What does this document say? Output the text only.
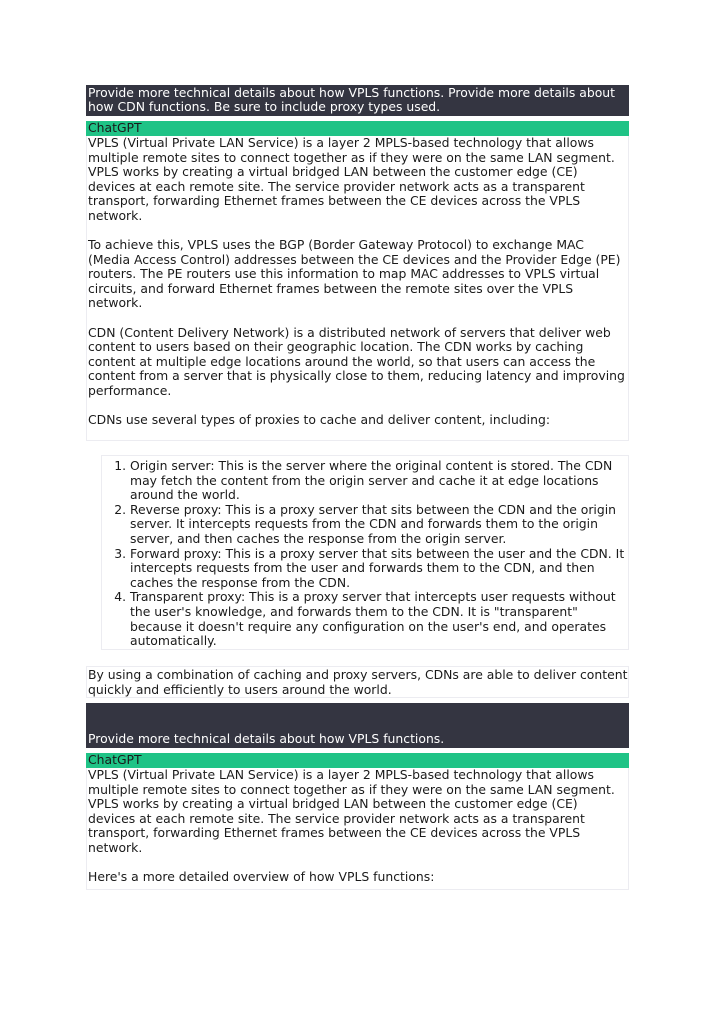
Provide more technical details about how VPLS functions. Provide more details about how CDN functions. Be sure to include proxy types used.
ChatGPT

VPLS (Virtual Private LAN Service) is a layer 2 MPLS-based technology that allows multiple remote sites to connect together as if they were on the same LAN segment. VPLS works by creating a virtual bridged LAN between the customer edge (CE) devices at each remote site. The service provider network acts as a transparent transport, forwarding Ethernet frames between the CE devices across the VPLS network.

To achieve this, VPLS uses the BGP (Border Gateway Protocol) to exchange MAC (Media Access Control) addresses between the CE devices and the Provider Edge (PE) routers. The PE routers use this information to map MAC addresses to VPLS virtual circuits, and forward Ethernet frames between the remote sites over the VPLS network.

CDN (Content Delivery Network) is a distributed network of servers that deliver web content to users based on their geographic location. The CDN works by caching content at multiple edge locations around the world, so that users can access the content from a server that is physically close to them, reducing latency and improving performance.

CDNs use several types of proxies to cache and deliver content, including:

1. Origin server: This is the server where the original content is stored. The CDN may fetch the content from the origin server and cache it at edge locations around the world.
2. Reverse proxy: This is a proxy server that sits between the CDN and the origin server. It intercepts requests from the CDN and forwards them to the origin server, and then caches the response from the origin server.
3. Forward proxy: This is a proxy server that sits between the user and the CDN. It intercepts requests from the user and forwards them to the CDN, and then caches the response from the CDN.
4. Transparent proxy: This is a proxy server that intercepts user requests without the user's knowledge, and forwards them to the CDN. It is "transparent" because it doesn't require any configuration on the user's end, and operates automatically.

By using a combination of caching and proxy servers, CDNs are able to deliver content quickly and efficiently to users around the world.

Provide more technical details about how VPLS functions.
ChatGPT

VPLS (Virtual Private LAN Service) is a layer 2 MPLS-based technology that allows multiple remote sites to connect together as if they were on the same LAN segment. VPLS works by creating a virtual bridged LAN between the customer edge (CE) devices at each remote site. The service provider network acts as a transparent transport, forwarding Ethernet frames between the CE devices across the VPLS network.

Here's a more detailed overview of how VPLS functions:
